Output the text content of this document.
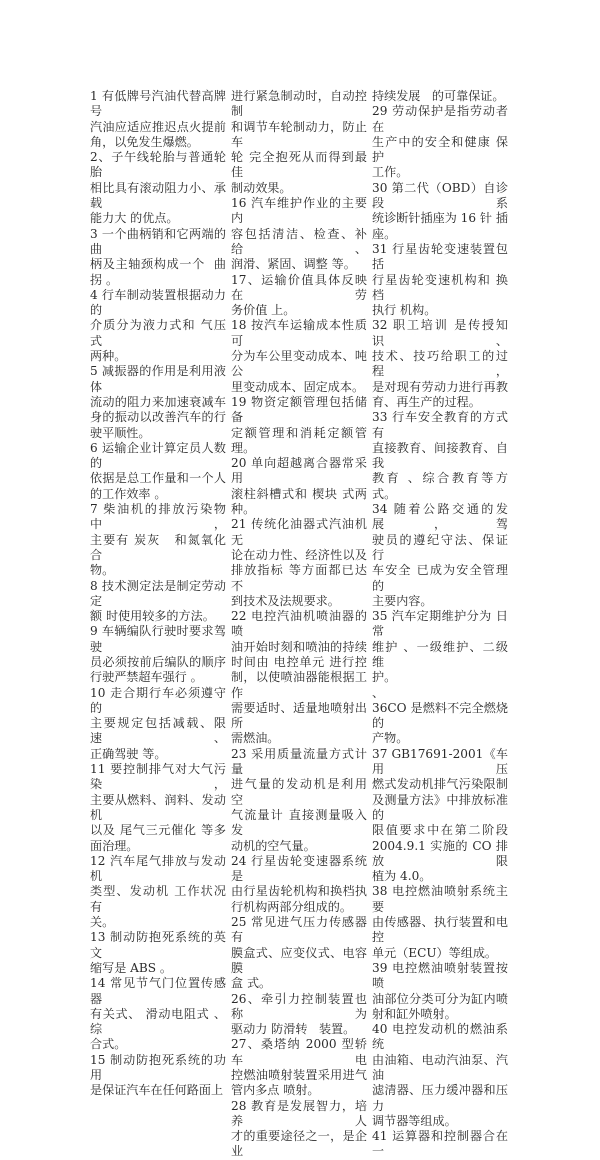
1 有低牌号汽油代替高牌号
汽油应适应推迟点火提前
角，以免发生爆燃。
2、子午线轮胎与普通轮胎
相比具有滚动阻力小、承载
能力大 的优点。
3 一个曲柄销和它两端的曲
柄及主轴颈构成一个  曲
拐 。
4 行车制动装置根据动力的
介质分为液力式和 气压式
两种。
5 减振器的作用是利用液体
流动的阻力来加速衰减车
身的振动以改善汽车的行
驶平顺性。
6 运输企业计算定员人数的
依据是总工作量和一个人
的工作效率 。
7 柴油机的排放污染物中，
主要有 炭灰   和氮氧化合
物。
8 技术测定法是制定劳动定
额 时使用较多的方法。
9 车辆编队行驶时要求驾驶
员必须按前后编队的顺序
行驶严禁超车强行 。
10 走合期行车必须遵守的
主要规定包括减载、限速、
正确驾驶 等。
11 要控制排气对大气污染，
主要从燃料、润料、发动机
以及 尾气三元催化 等多
面治理。
12 汽车尾气排放与发动机
类型、发动机 工作状况 有
关。
13 制动防抱死系统的英文
缩写是 ABS 。
14 常见节气门位置传感器
有关式、 滑动电阻式 、综
合式。
15 制动防抱死系统的功用
是保证汽车在任何路面上
进行紧急制动时，自动控制
和调节车轮制动力，防止车
轮 完全抱死从而得到最佳
制动效果。
16 汽车维护作业的主要内
容包括清洁、检查、补给、
润滑、紧固、调整 等。
17、运输价值具体反映在劳
务价值 上。
18 按汽车运输成本性质可
分为车公里变动成本、吨公
里变动成本、固定成本。
19 物资定额管理包括储备
定额管理和消耗定额管理。
20 单向超越离合器常采用
滚柱斜槽式和 楔块 式两
种。
21 传统化油器式汽油机无
论在动力性、经济性以及
排放指标 等方面都已达不
到技术及法规要求。
22 电控汽油机喷油器的喷
油开始时刻和喷油的持续
时间由 电控单元 进行控
制，以使喷油器能根据工作
需要适时、适量地喷射出所
需燃油。
23 采用质量流量方式计量
进气量的发动机是利用 空
气流量计 直接测量吸入发
动机的空气量。
24 行星齿轮变速器系统是
由行星齿轮机构和换档执
行机构两部分组成的。
25 常见进气压力传感器有
膜盒式、应变仪式、电容膜
盒 式。
26、牵引力控制装置也称为
驱动力 防滑转   装置。
27、桑塔纳 2000 型轿车电
控燃油喷射装置采用进气
管内多点 喷射。
28 教育是发展智力，培养人
才的重要途径之一，是企业
持续发展   的可靠保证。
29 劳动保护是指劳动者在
生产中的安全和健康 保护
工作。
30 第二代（OBD）自诊段系
统诊断针插座为 16 针 插
座。
31 行星齿轮变速装置包括
行星齿轮变速机构和 换档
执行 机构。
32 职工培训 是传授知识、
技术、技巧给职工的过程，
是对现有劳动力进行再教
育、再生产的过程。
33 行车安全教育的方式有
直接教育、间接教育、自我
教育 、综合教育等方式。
34 随着公路交通的发展，驾
驶员的遵纪守法、保证 行
车安全 已成为安全管理的
主要内容。
35 汽车定期维护分为 日常
维护 、一级维护、二级维
护。
、
36CO 是燃料不完全燃烧的
产物。
37 GB17691-2001《车用压
燃式发动机排气污染限制
及测量方法》中排放标准的
限值要求中在第二阶段
2004.9.1 实施的 CO 排放限
植为 4.0。
38 电控燃油喷射系统主要
由传感器、执行装置和电控
单元（ECU）等组成。
39 电控燃油喷射装置按喷
油部位分类可分为缸内喷
射和缸外喷射。
40 电控发动机的燃油系统
由油箱、电动汽油泵、汽油
滤清器、压力缓冲器和压力
调节器等组成。
41 运算器和控制器合在一
